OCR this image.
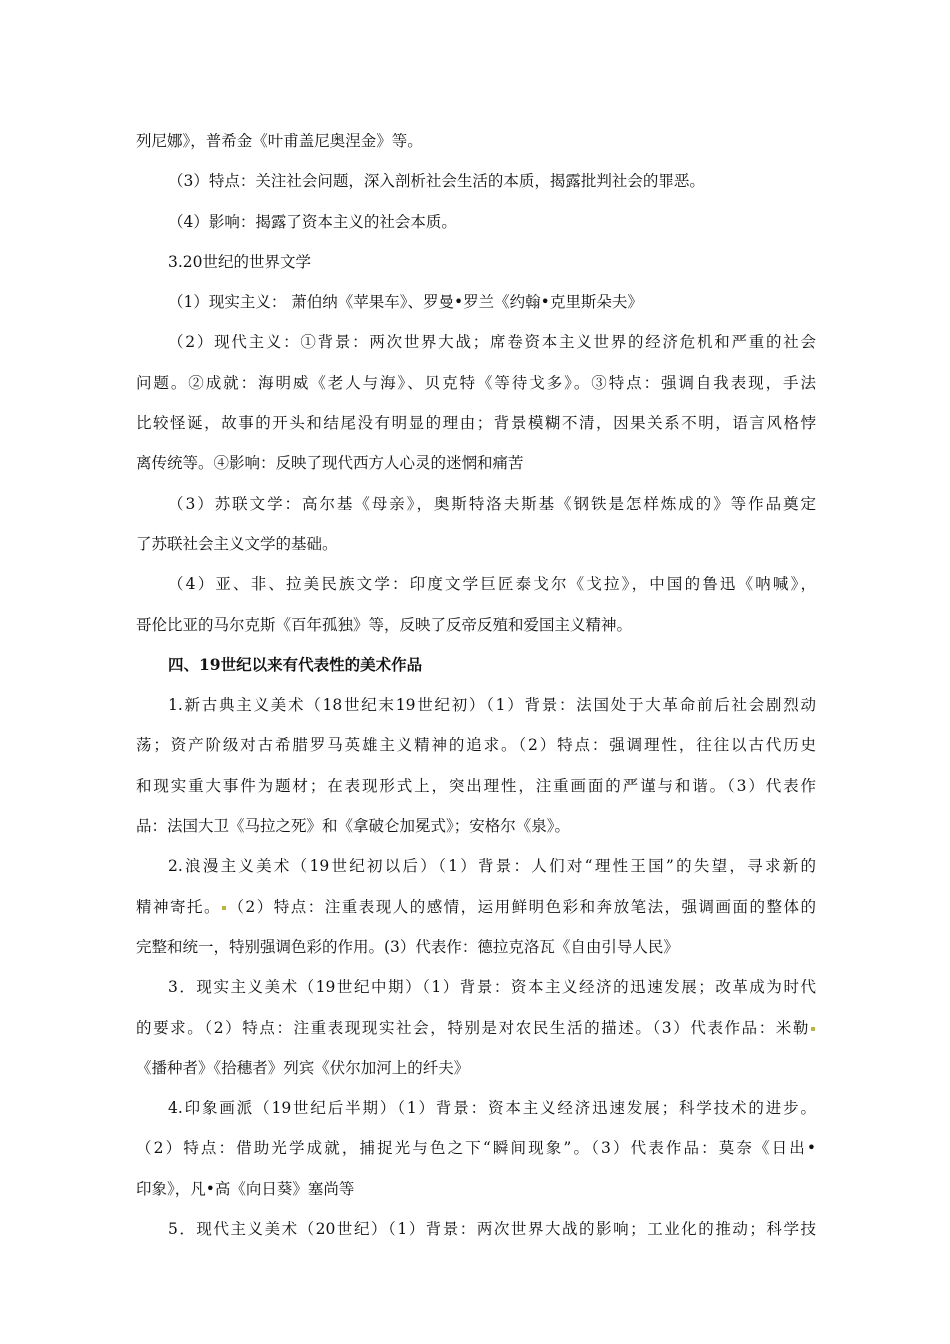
列尼娜》，普希金《叶甫盖尼奥涅金》等。
（3）特点：关注社会问题，深入剖析社会生活的本质，揭露批判社会的罪恶。
（4）影响：揭露了资本主义的社会本质。
3.20世纪的世界文学
（1）现实主义： 萧伯纳《苹果车》、罗曼•罗兰《约翰•克里斯朵夫》
（2）现代主义：①背景：两次世界大战；席卷资本主义世界的经济危机和严重的社会
问题。②成就：海明威《老人与海》、贝克特《等待戈多》。③特点：强调自我表现，手法
比较怪诞，故事的开头和结尾没有明显的理由；背景模糊不清，因果关系不明，语言风格悖
离传统等。④影响：反映了现代西方人心灵的迷惘和痛苦
（3）苏联文学：高尔基《母亲》，奥斯特洛夫斯基《钢铁是怎样炼成的》等作品奠定
了苏联社会主义文学的基础。
（4）亚、非、拉美民族文学：印度文学巨匠泰戈尔《戈拉》，中国的鲁迅《呐喊》，
哥伦比亚的马尔克斯《百年孤独》等，反映了反帝反殖和爱国主义精神。
四、19世纪以来有代表性的美术作品
1.新古典主义美术（18世纪末19世纪初）（1）背景：法国处于大革命前后社会剧烈动
荡；资产阶级对古希腊罗马英雄主义精神的追求。（2）特点：强调理性，往往以古代历史
和现实重大事件为题材；在表现形式上，突出理性，注重画面的严谨与和谐。（3）代表作
品：法国大卫《马拉之死》和《拿破仑加冕式》；安格尔《泉》。
2.浪漫主义美术（19世纪初以后）（1）背景：人们对“理性王国”的失望，寻求新的
精神寄托。 （2）特点：注重表现人的感情，运用鲜明色彩和奔放笔法，强调画面的整体的
完整和统一，特别强调色彩的作用。(3）代表作：德拉克洛瓦《自由引导人民》
3．现实主义美术（19世纪中期）（1）背景：资本主义经济的迅速发展；改革成为时代
的要求。（2）特点：注重表现现实社会，特别是对农民生活的描述。（3）代表作品：米勒
《播种者》《拾穗者》列宾《伏尔加河上的纤夫》
4.印象画派（19世纪后半期）（1）背景：资本主义经济迅速发展；科学技术的进步。
（2）特点：借助光学成就，捕捉光与色之下“瞬间现象”。（3）代表作品：莫奈《日出•
印象》，凡•高《向日葵》塞尚等
5．现代主义美术（20世纪）（1）背景：两次世界大战的影响；工业化的推动；科学技
